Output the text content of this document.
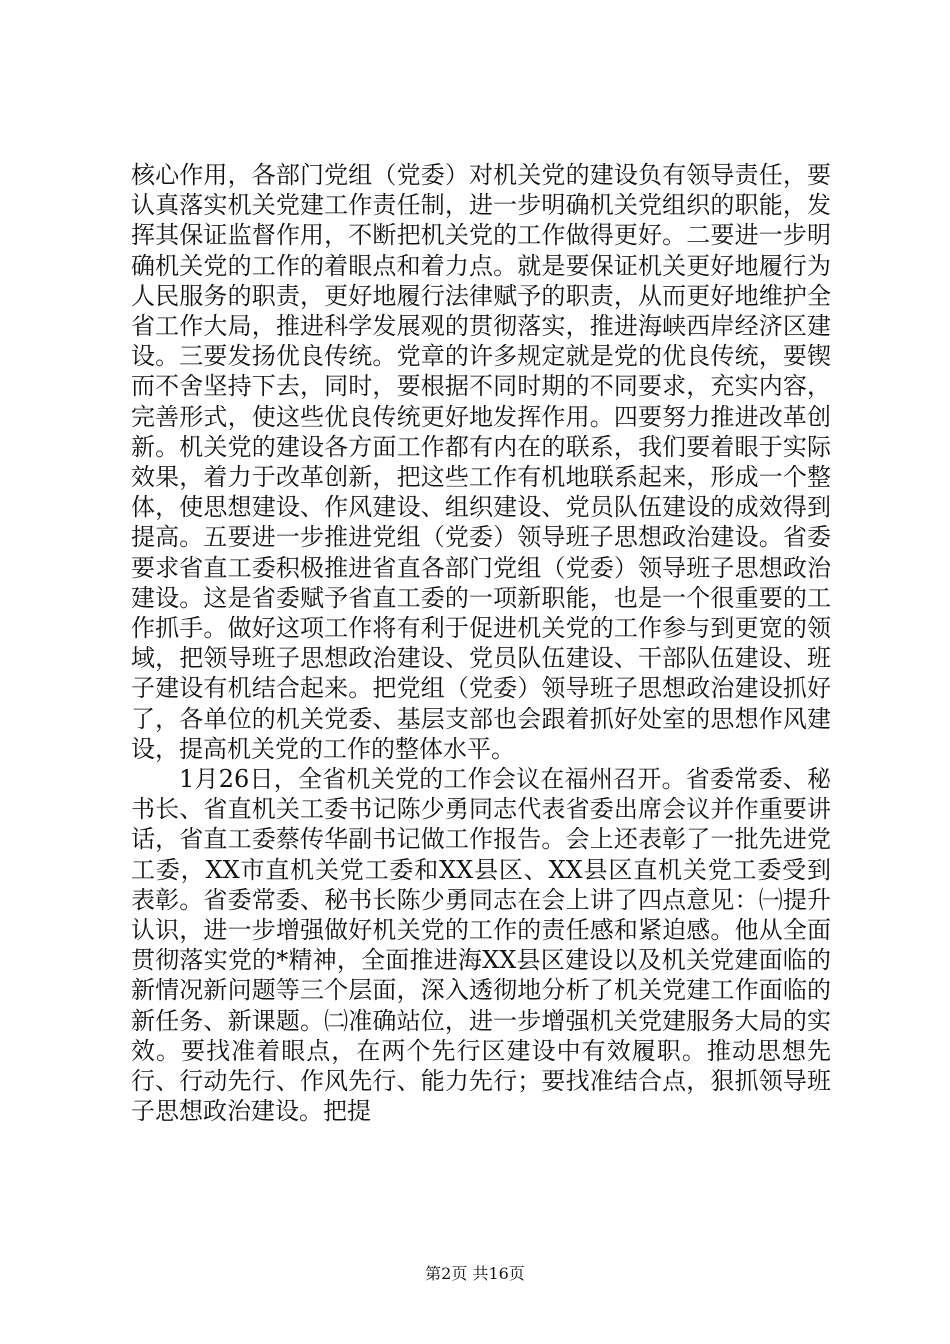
核心作用，各部门党组（党委）对机关党的建设负有领导责任，要认真落实机关党建工作责任制，进一步明确机关党组织的职能，发挥其保证监督作用，不断把机关党的工作做得更好。二要进一步明确机关党的工作的着眼点和着力点。就是要保证机关更好地履行为人民服务的职责，更好地履行法律赋予的职责，从而更好地维护全省工作大局，推进科学发展观的贯彻落实，推进海峡西岸经济区建设。三要发扬优良传统。党章的许多规定就是党的优良传统，要锲而不舍坚持下去，同时，要根据不同时期的不同要求，充实内容，完善形式，使这些优良传统更好地发挥作用。四要努力推进改革创新。机关党的建设各方面工作都有内在的联系，我们要着眼于实际效果，着力于改革创新，把这些工作有机地联系起来，形成一个整体，使思想建设、作风建设、组织建设、党员队伍建设的成效得到提高。五要进一步推进党组（党委）领导班子思想政治建设。省委要求省直工委积极推进省直各部门党组（党委）领导班子思想政治建设。这是省委赋予省直工委的一项新职能，也是一个很重要的工作抓手。做好这项工作将有利于促进机关党的工作参与到更宽的领域，把领导班子思想政治建设、党员队伍建设、干部队伍建设、班子建设有机结合起来。把党组（党委）领导班子思想政治建设抓好了，各单位的机关党委、基层支部也会跟着抓好处室的思想作风建设，提高机关党的工作的整体水平。

1月26日，全省机关党的工作会议在福州召开。省委常委、秘书长、省直机关工委书记陈少勇同志代表省委出席会议并作重要讲话，省直工委蔡传华副书记做工作报告。会上还表彰了一批先进党工委，XX市直机关党工委和XX县区、XX县区直机关党工委受到表彰。省委常委、秘书长陈少勇同志在会上讲了四点意见：㈠提升认识，进一步增强做好机关党的工作的责任感和紧迫感。他从全面贯彻落实党的*精神，全面推进海XX县区建设以及机关党建面临的新情况新问题等三个层面，深入透彻地分析了机关党建工作面临的新任务、新课题。㈡准确站位，进一步增强机关党建服务大局的实效。要找准着眼点，在两个先行区建设中有效履职。推动思想先行、行动先行、作风先行、能力先行；要找准结合点，狠抓领导班子思想政治建设。把提

第2页 共16页
